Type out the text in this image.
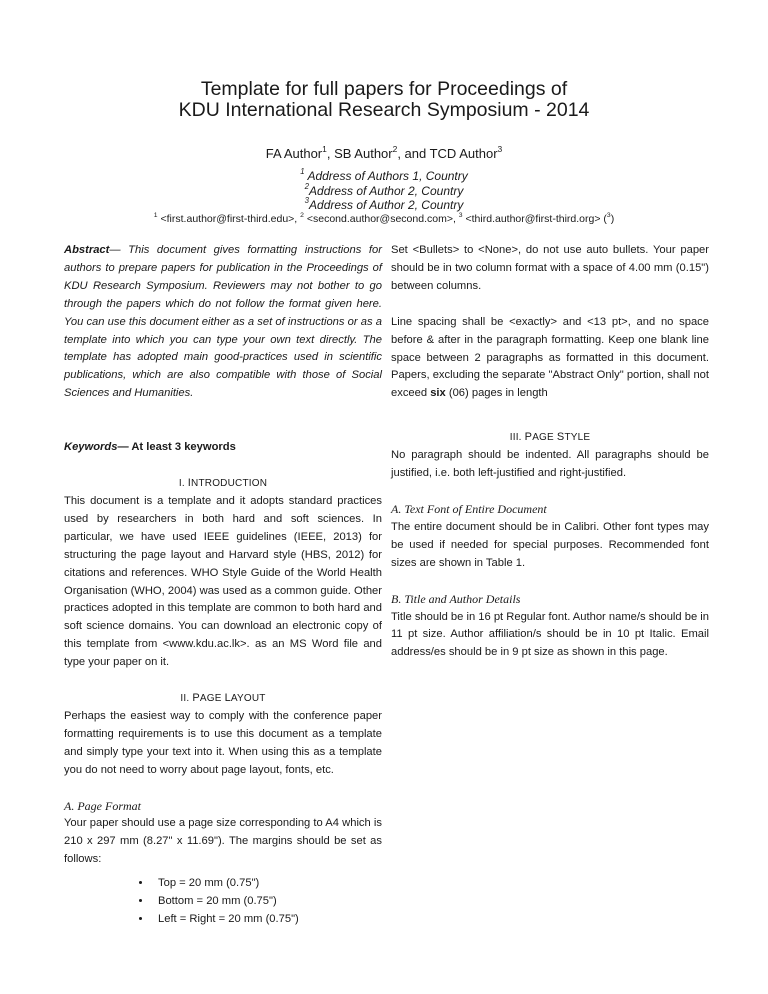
Template for full papers for Proceedings of
KDU International Research Symposium - 2014
FA Author$^1$, SB Author$^2$, and TCD Author$^3$
$^1$ Address of Authors 1, Country
$^2$Address of Author 2, Country
$^3$Address of Author 2, Country
$^1$ <first.author@first-third.edu>, $^2$ <second.author@second.com>, $^3$ <third.author@first-third.org> ($^3$)

Abstract— This document gives formatting instructions for authors to prepare papers for publication in the Proceedings of KDU Research Symposium. Reviewers may not bother to go through the papers which do not follow the format given here. You can use this document either as a set of instructions or as a template into which you can type your own text directly. The template has adopted main good-practices used in scientific publications, which are also compatible with those of Social Sciences and Humanities.

Keywords— At least 3 keywords

I. INTRODUCTION

This document is a template and it adopts standard practices used by researchers in both hard and soft sciences. In particular, we have used IEEE guidelines (IEEE, 2013) for structuring the page layout and Harvard style (HBS, 2012) for citations and references. WHO Style Guide of the World Health Organisation (WHO, 2004) was used as a common guide. Other practices adopted in this template are common to both hard and soft science domains. You can download an electronic copy of this template from <www.kdu.ac.lk>. as an MS Word file and type your paper on it.

II. PAGE LAYOUT

Perhaps the easiest way to comply with the conference paper formatting requirements is to use this document as a template and simply type your text into it. When using this as a template you do not need to worry about page layout, fonts, etc.

A. Page Format

Your paper should use a page size corresponding to A4 which is 210 x 297 mm (8.27" x 11.69"). The margins should be set as follows:

• Top = 20 mm (0.75")
• Bottom = 20 mm (0.75")
• Left = Right = 20 mm (0.75")

Set <Bullets> to <None>, do not use auto bullets. Your paper should be in two column format with a space of 4.00 mm (0.15") between columns.

Line spacing shall be <exactly> and <13 pt>, and no space before & after in the paragraph formatting. Keep one blank line space between 2 paragraphs as formatted in this document. Papers, excluding the separate "Abstract Only" portion, shall not exceed six (06) pages in length

III. PAGE STYLE

No paragraph should be indented. All paragraphs should be justified, i.e. both left-justified and right-justified.

A. Text Font of Entire Document

The entire document should be in Calibri. Other font types may be used if needed for special purposes. Recommended font sizes are shown in Table 1.

B. Title and Author Details

Title should be in 16 pt Regular font. Author name/s should be in 11 pt size. Author affiliation/s should be in 10 pt Italic. Email address/es should be in 9 pt size as shown in this page.
